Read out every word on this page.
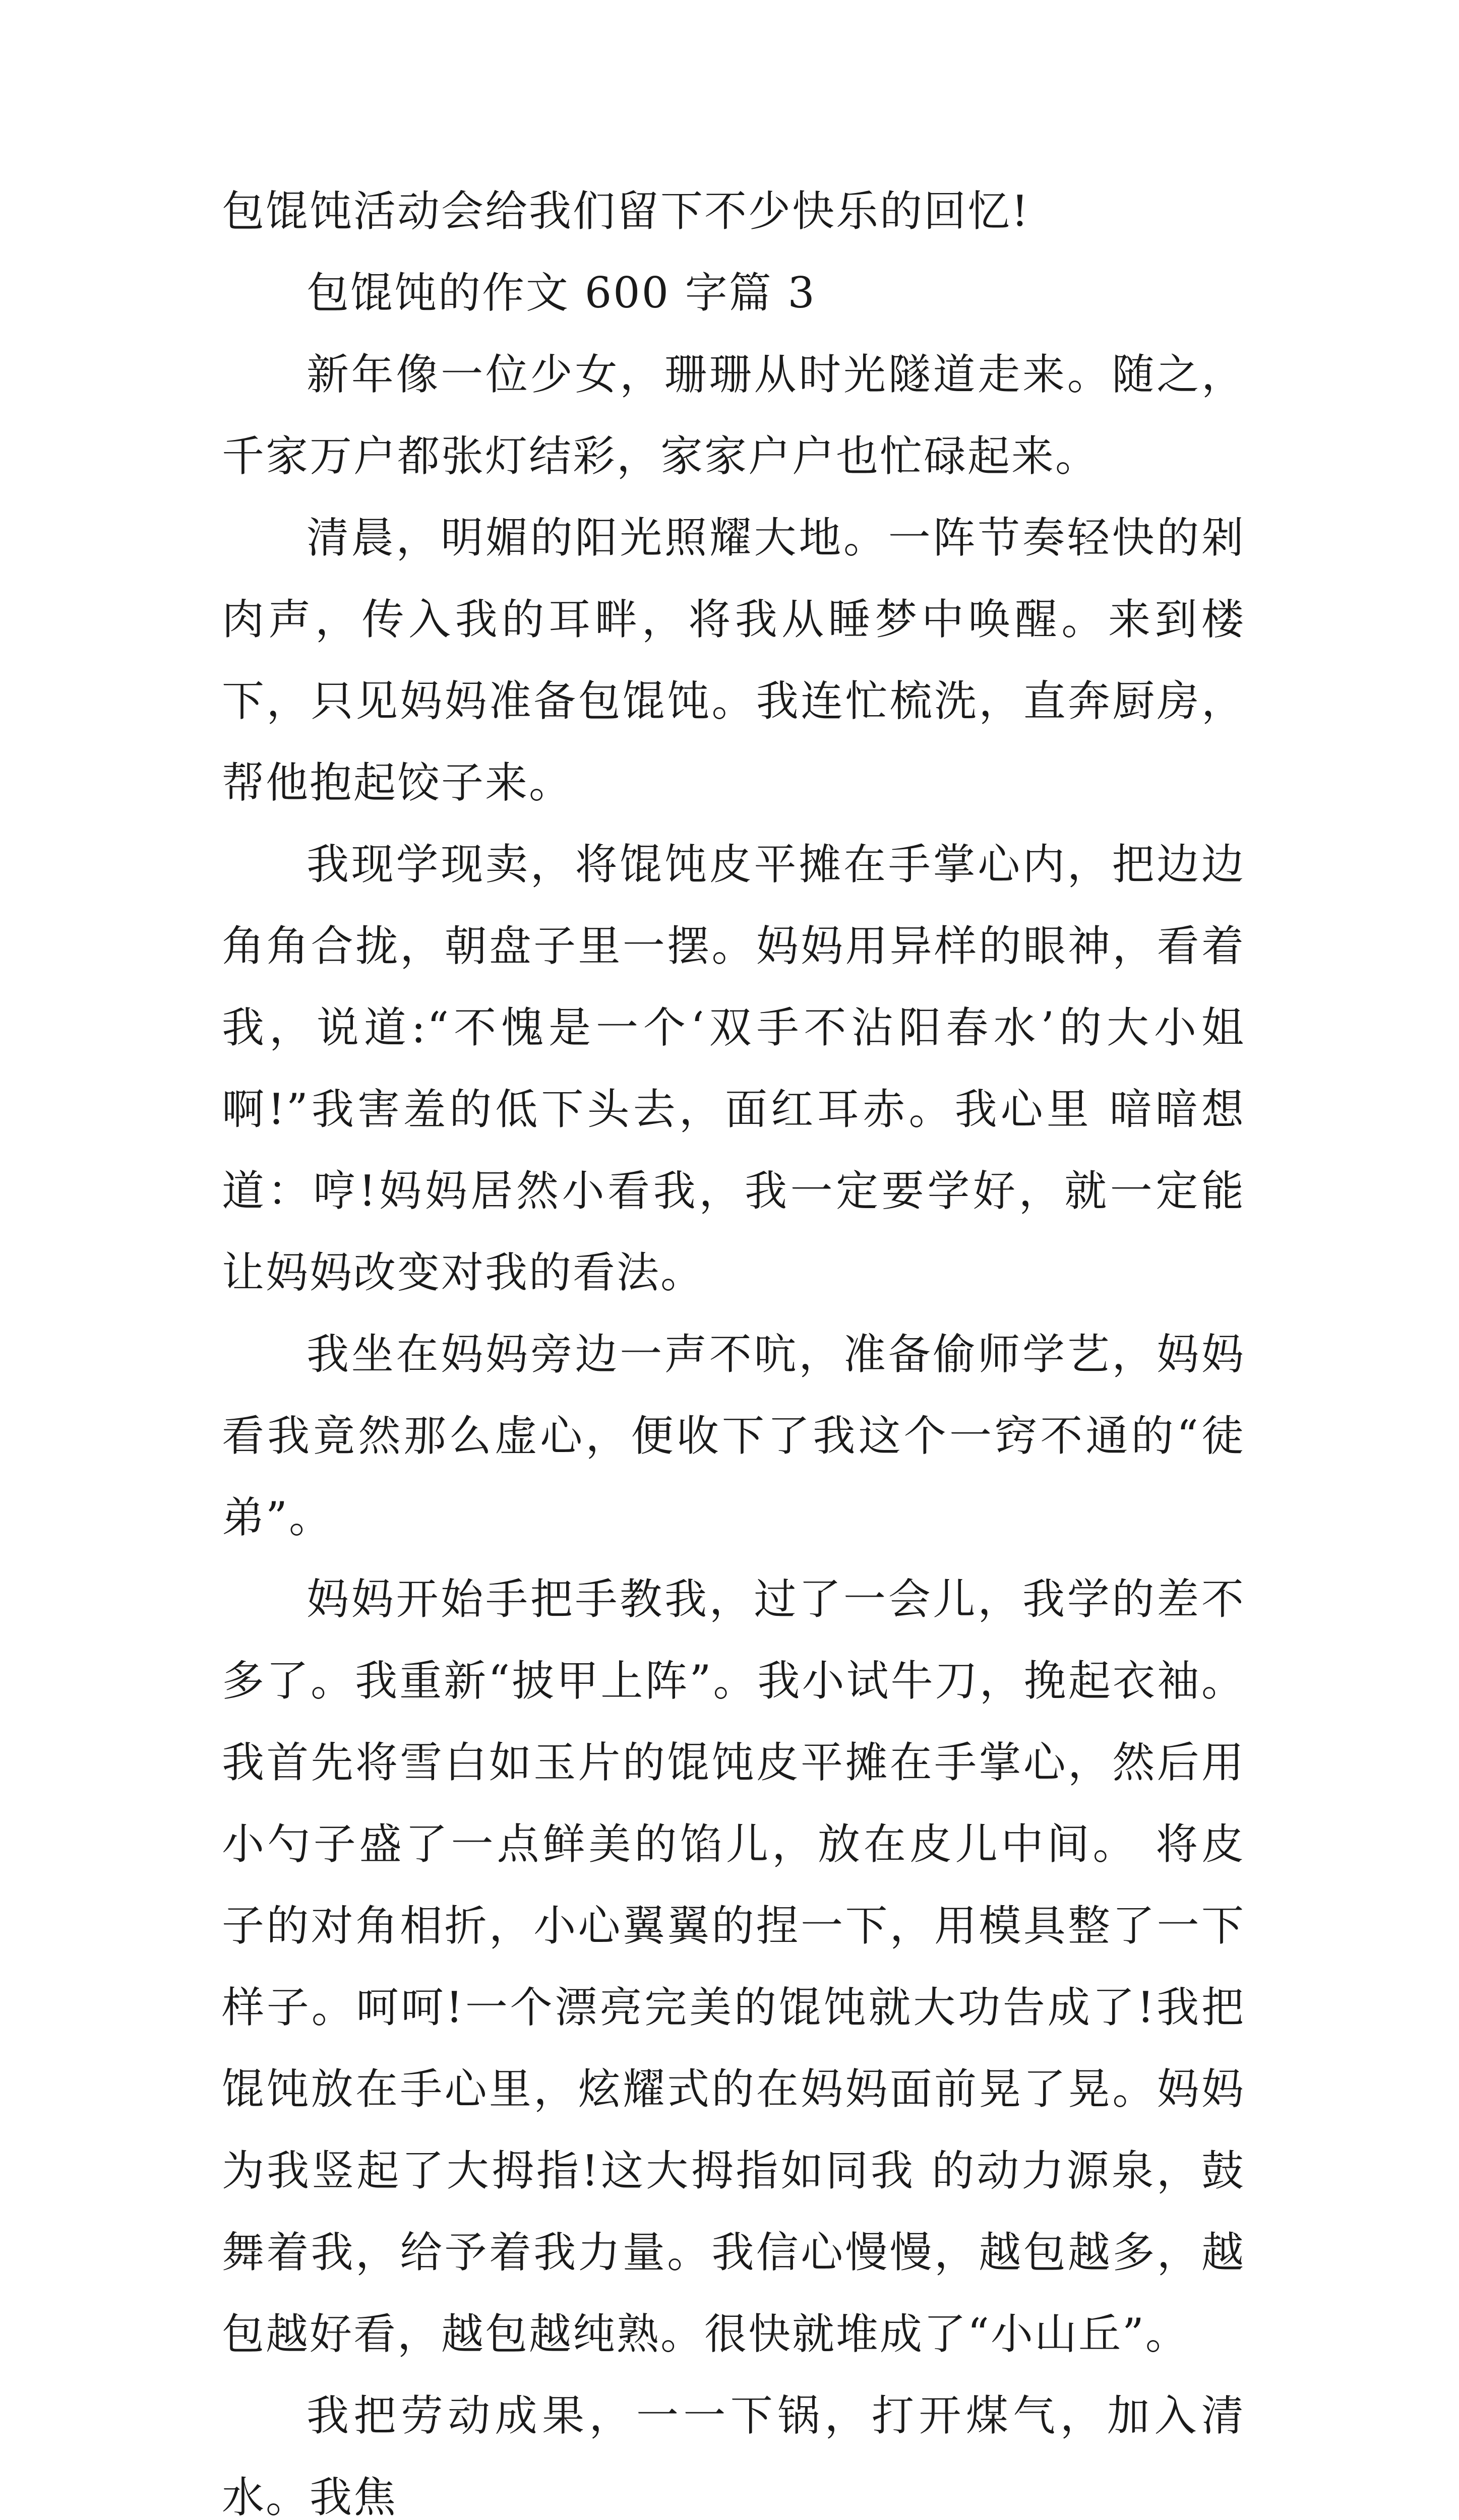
包馄饨活动会给我们留下不少快乐的回忆!

包馄饨的作文 600 字篇 3

新年像一位少女，珊珊从时光隧道走来。随之，千家万户都张灯结彩，家家户户也忙碌起来。

清晨，明媚的阳光照耀大地。一阵节奏轻快的剁肉声，传入我的耳畔，将我从睡梦中唤醒。来到楼下，只见妈妈准备包馄饨。我连忙梳洗，直奔厨房，帮他抱起饺子来。

我现学现卖，将馄饨皮平摊在手掌心内，把边边角角合拢，朝盘子里一摆。妈妈用异样的眼神，看着我，说道:“不愧是一个‘双手不沾阳春水’的大小姐啊!”我害羞的低下头去，面红耳赤。我心里 暗暗想道：哼!妈妈居然小看我，我一定要学好，就一定能让妈妈改变对我的看法。

我坐在妈妈旁边一声不吭，准备偷师学艺，妈妈看我竟然那么虚心，便收下了我这个一窍不通的“徒弟”。

妈妈开始手把手教我，过了一会儿，我学的差不多了。我重新“披甲上阵”。我小试牛刀，挽起衣袖。我首先将雪白如玉片的馄饨皮平摊在手掌心，然后用小勺子盛了一点鲜美的馅儿，放在皮儿中间。 将皮子的对角相折，小心翼翼的捏一下，用模具整了一下样子。呵呵!一个漂亮完美的馄饨就大功告成了!我把馄饨放在手心里，炫耀式的在妈妈面前晃了晃。妈妈为我竖起了大拇指!这大拇指如同我 的动力源泉，鼓舞着我，给予着我力量。我信心慢慢，越包越多，越包越好看，越包越纯熟。很快就堆成了“小山丘”。

我把劳动成果，一一下锅，打开煤气，加入清水。我焦
